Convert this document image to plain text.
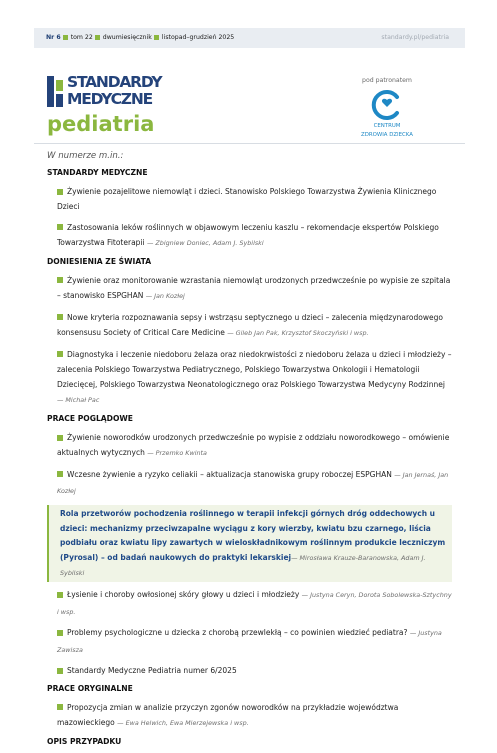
Nr 6 tom 22 dwumiesięcznik listopad–grudzień 2025	standardy.pl/pediatria
STANDARDY
MEDYCZNE
pediatria
pod patronatem
CENTRUM
ZDROWIA DZIECKA
W numerze m.in.:
STANDARDY MEDYCZNE
Żywienie pozajelitowe niemowląt i dzieci. Stanowisko Polskiego Towarzystwa Żywienia Klinicznego Dzieci
Zastosowania leków roślinnych w objawowym leczeniu kaszlu – rekomendacje ekspertów Polskiego Towarzystwa Fitoterapii — Zbigniew Doniec, Adam J. Sybilski
DONIESIENIA ZE ŚWIATA
Żywienie oraz monitorowanie wzrastania niemowląt urodzonych przedwcześnie po wypisie ze szpitala – stanowisko ESPGHAN — Jan Kozłej
Nowe kryteria rozpoznawania sepsy i wstrząsu septycznego u dzieci – zalecenia międzynarodowego konsensusu Society of Critical Care Medicine — Gileb Jan Pak, Krzysztof Skoczyński i wsp.
Diagnostyka i leczenie niedoboru żelaza oraz niedokrwistości z niedoboru żelaza u dzieci i młodzieży – zalecenia Polskiego Towarzystwa Pediatrycznego, Polskiego Towarzystwa Onkologii i Hematologii Dziecięcej, Polskiego Towarzystwa Neonatologicznego oraz Polskiego Towarzystwa Medycyny Rodzinnej — Michał Pac
PRACE POGLĄDOWE
Żywienie noworodków urodzonych przedwcześnie po wypisie z oddziału noworodkowego – omówienie aktualnych wytycznych — Przemko Kwinta
Wczesne żywienie a ryzyko celiakii – aktualizacja stanowiska grupy roboczej ESPGHAN — Jan Jernaś, Jan Kozłej
Rola przetworów pochodzenia roślinnego w terapii infekcji górnych dróg oddechowych u dzieci: mechanizmy przeciwzapalne wyciągu z kory wierzby, kwiatu bzu czarnego, liścia podbiału oraz kwiatu lipy zawartych w wieloskładnikowym roślinnym produkcie leczniczym (Pyrosal) – od badań naukowych do praktyki lekarskiej— Mirosława Krauze-Baranowska, Adam J. Sybilski
Łysienie i choroby owłosionej skóry głowy u dzieci i młodzieży — Justyna Ceryn, Dorota Sobolewska-Sztychny i wsp.
Problemy psychologiczne u dziecka z chorobą przewlekłą – co powinien wiedzieć pediatra? — Justyna Zawisza
Standardy Medyczne Pediatria numer 6/2025
PRACE ORYGINALNE
Propozycja zmian w analizie przyczyn zgonów noworodków na przykładzie województwa mazowieckiego — Ewa Helwich, Ewa Mierzejewska i wsp.
OPIS PRZYPADKU
